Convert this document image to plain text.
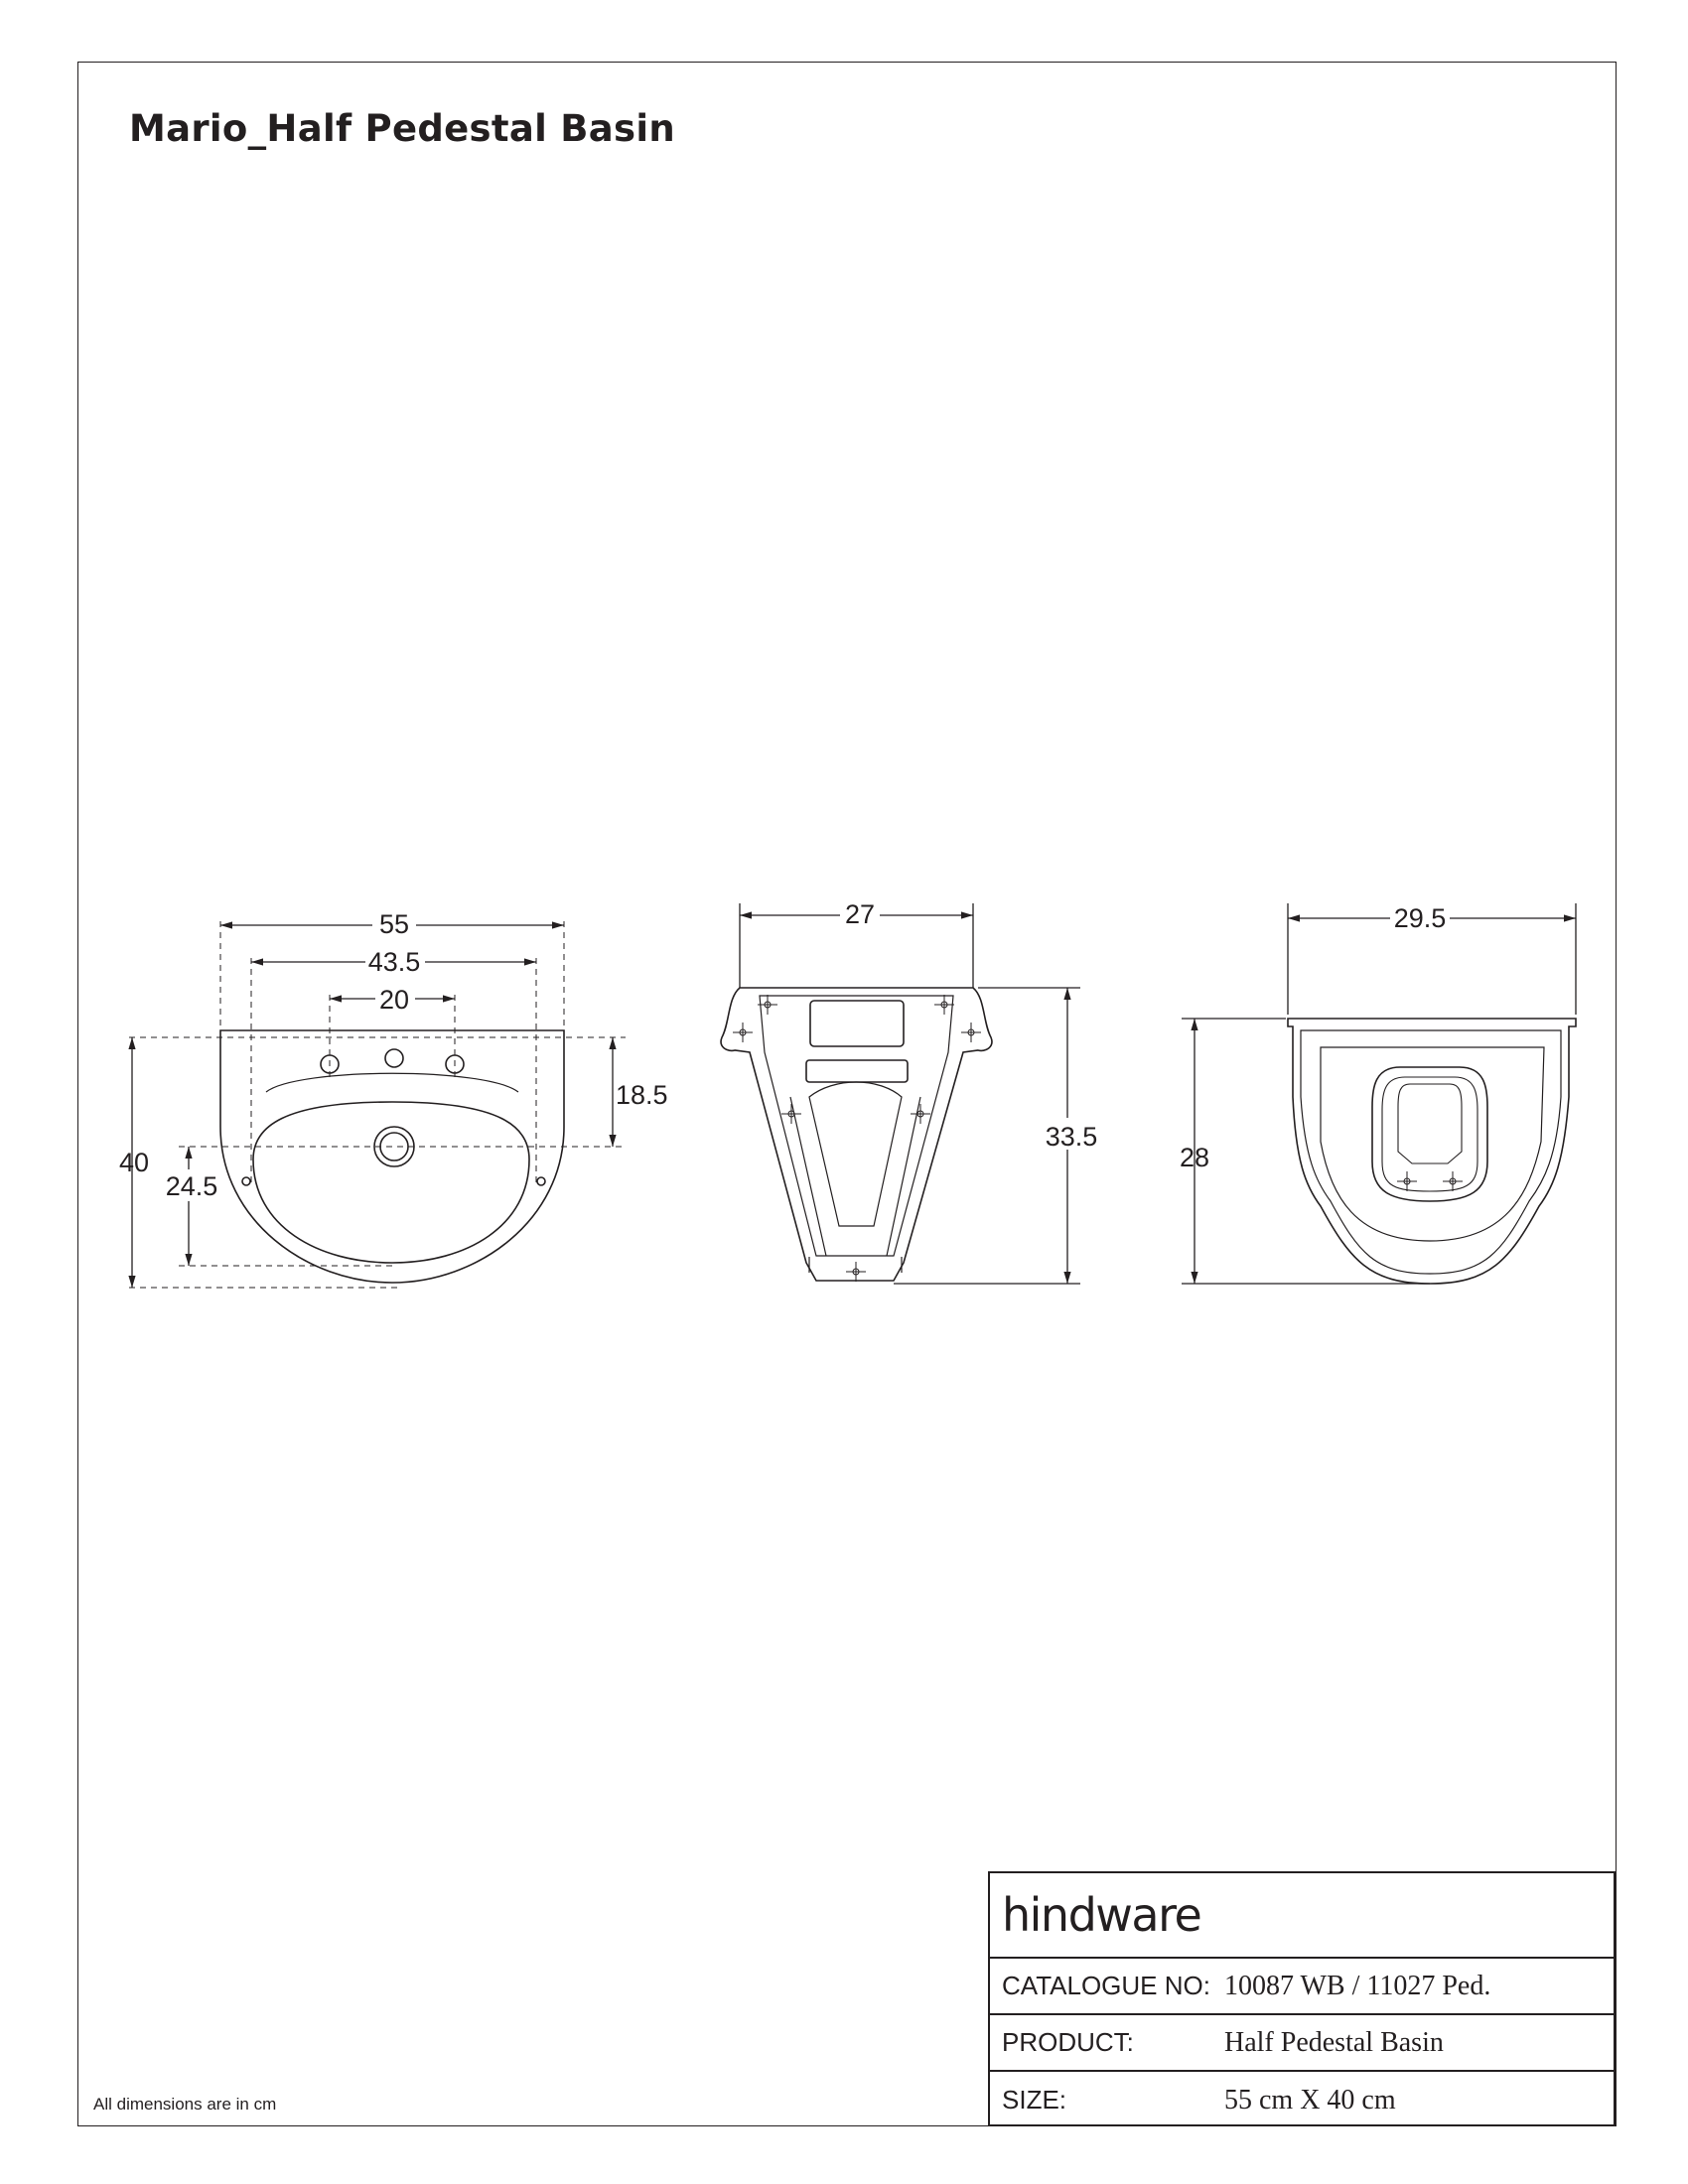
Mario_Half Pedestal Basin
55
43.5
20
18.5
40
24.5
27
33.5
29.5
28
All dimensions are in cm
hindware
CATALOGUE NO: 10087 WB / 11027 Ped.
PRODUCT:	Half Pedestal Basin
SIZE:	55 cm X 40 cm
